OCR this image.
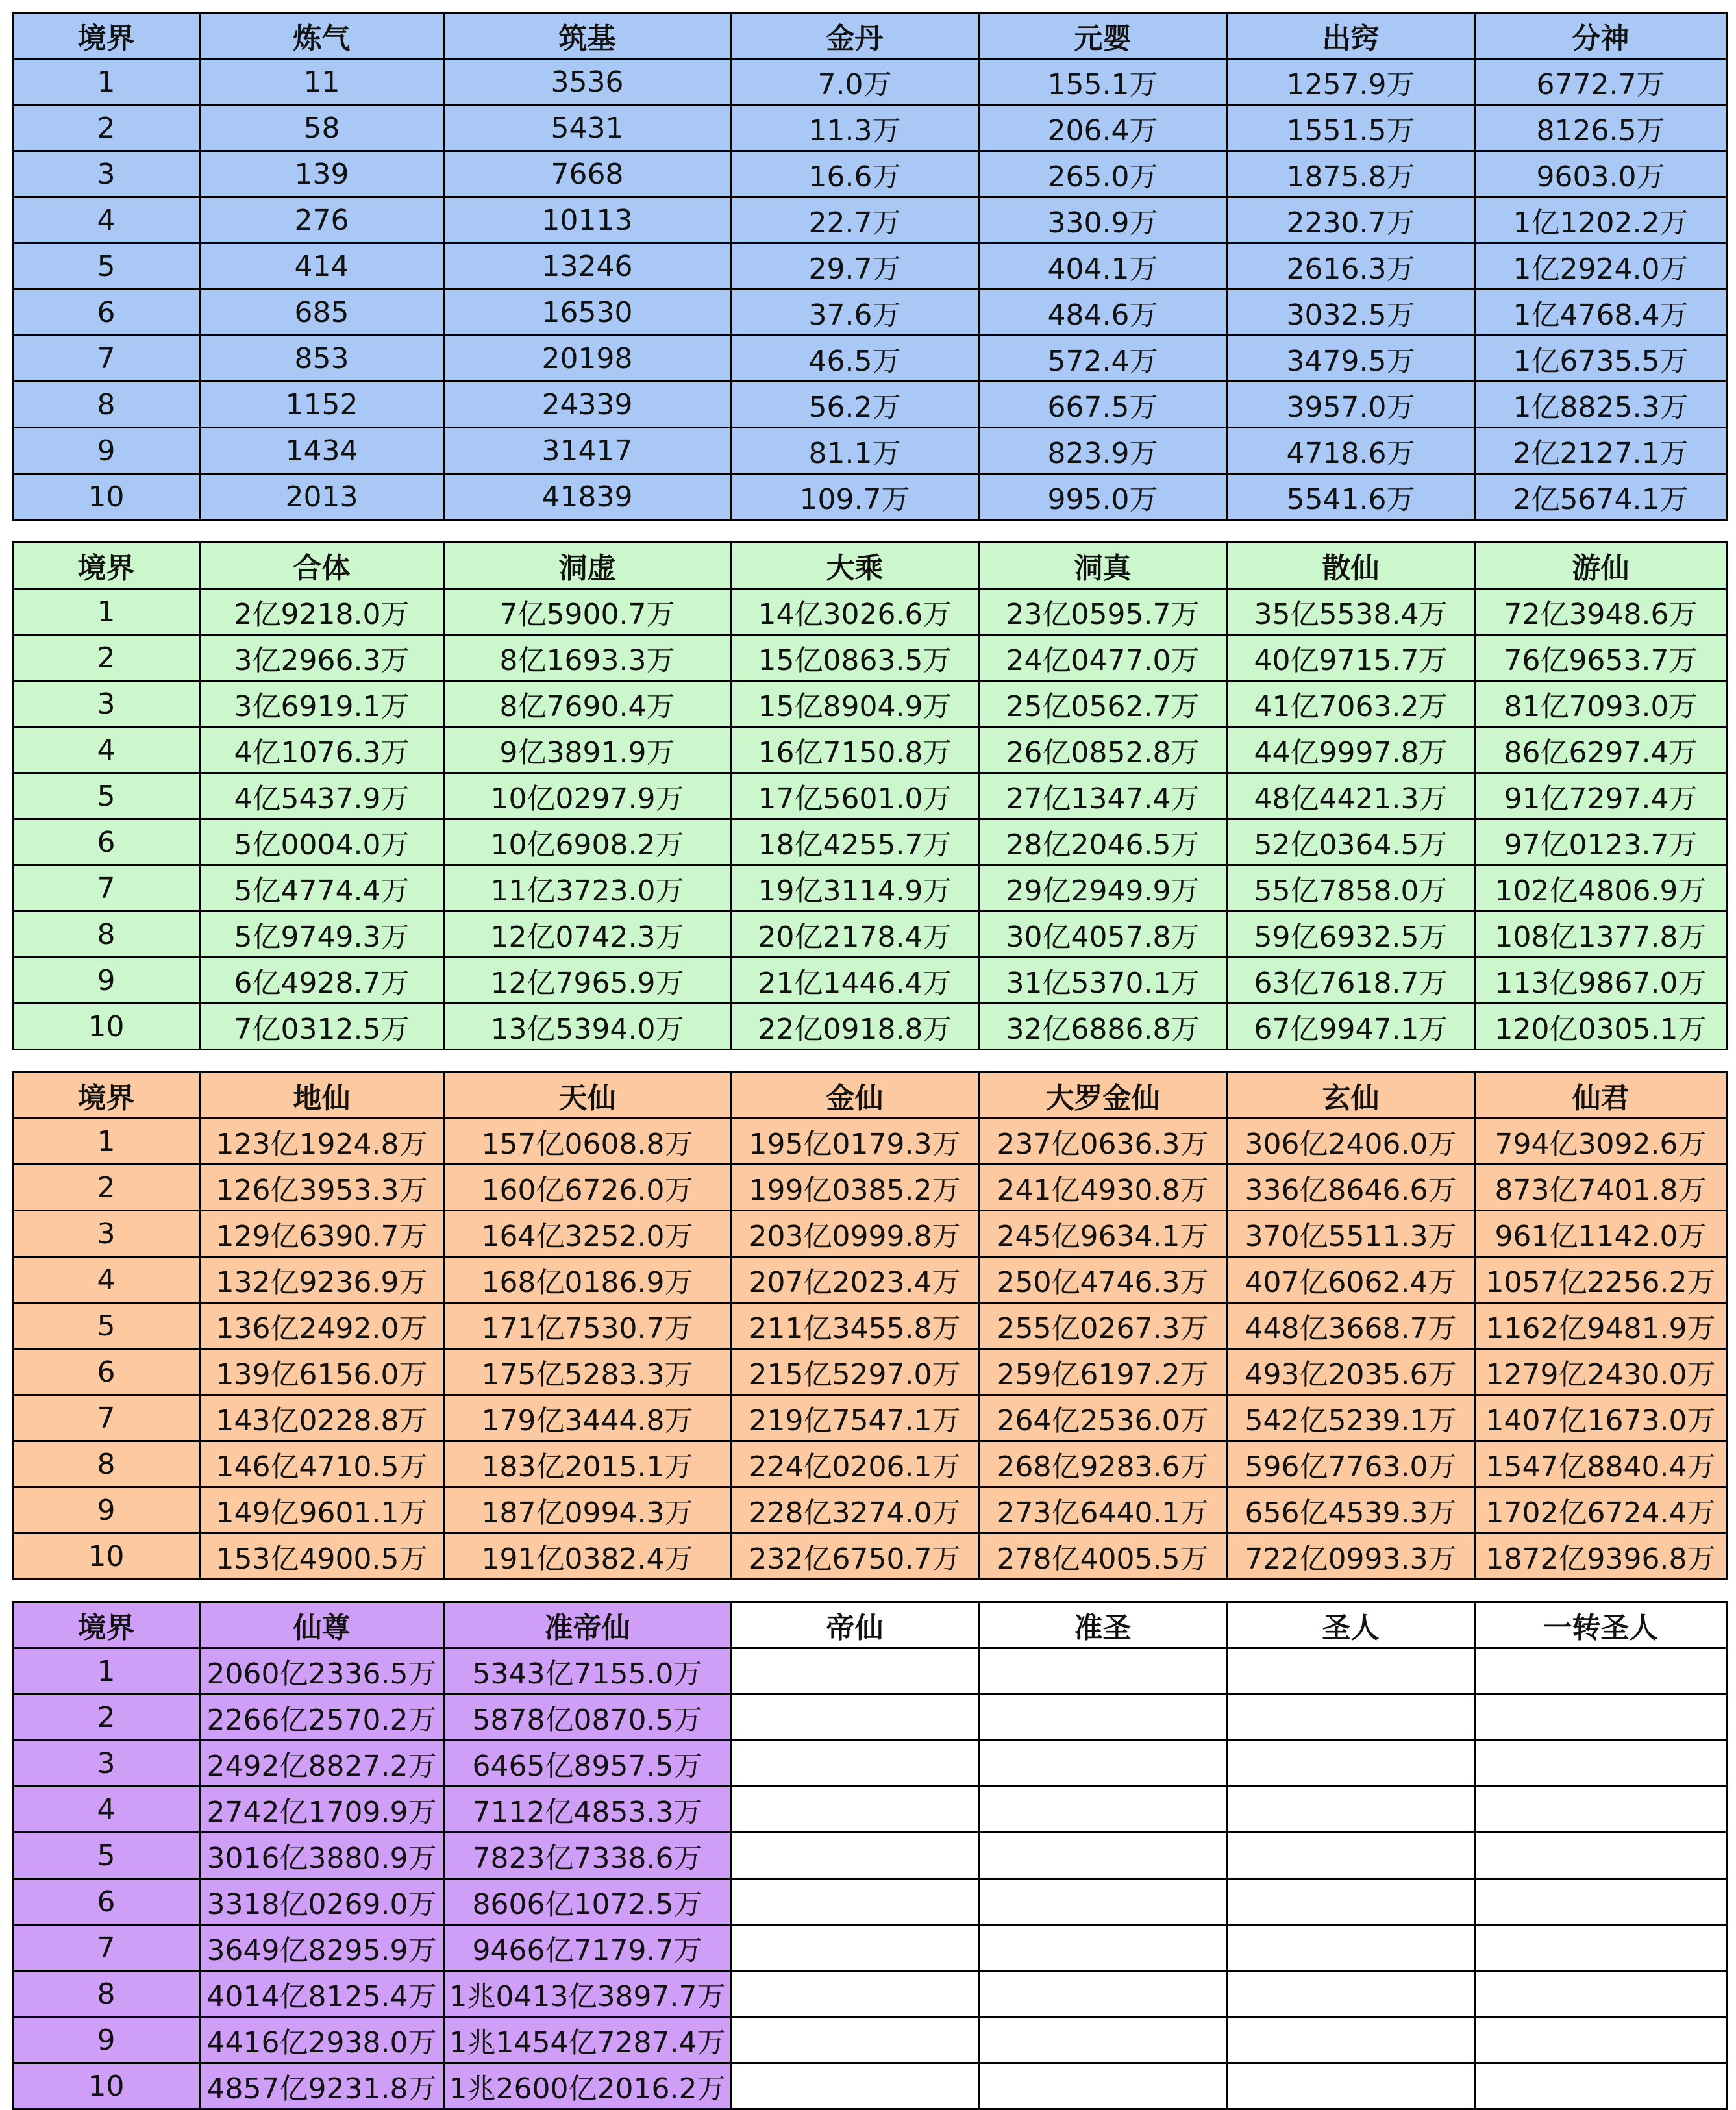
境界	炼气	筑基	金丹	元婴	出窍	分神
1	11	3536	7.0万	155.1万	1257.9万	6772.7万
2	58	5431	11.3万	206.4万	1551.5万	8126.5万
3	139	7668	16.6万	265.0万	1875.8万	9603.0万
4	276	10113	22.7万	330.9万	2230.7万	1亿1202.2万
5	414	13246	29.7万	404.1万	2616.3万	1亿2924.0万
6	685	16530	37.6万	484.6万	3032.5万	1亿4768.4万
7	853	20198	46.5万	572.4万	3479.5万	1亿6735.5万
8	1152	24339	56.2万	667.5万	3957.0万	1亿8825.3万
9	1434	31417	81.1万	823.9万	4718.6万	2亿2127.1万
10	2013	41839	109.7万	995.0万	5541.6万	2亿5674.1万
境界	合体	洞虚	大乘	洞真	散仙	游仙
1	2亿9218.0万	7亿5900.7万	14亿3026.6万	23亿0595.7万	35亿5538.4万	72亿3948.6万
2	3亿2966.3万	8亿1693.3万	15亿0863.5万	24亿0477.0万	40亿9715.7万	76亿9653.7万
3	3亿6919.1万	8亿7690.4万	15亿8904.9万	25亿0562.7万	41亿7063.2万	81亿7093.0万
4	4亿1076.3万	9亿3891.9万	16亿7150.8万	26亿0852.8万	44亿9997.8万	86亿6297.4万
5	4亿5437.9万	10亿0297.9万	17亿5601.0万	27亿1347.4万	48亿4421.3万	91亿7297.4万
6	5亿0004.0万	10亿6908.2万	18亿4255.7万	28亿2046.5万	52亿0364.5万	97亿0123.7万
7	5亿4774.4万	11亿3723.0万	19亿3114.9万	29亿2949.9万	55亿7858.0万	102亿4806.9万
8	5亿9749.3万	12亿0742.3万	20亿2178.4万	30亿4057.8万	59亿6932.5万	108亿1377.8万
9	6亿4928.7万	12亿7965.9万	21亿1446.4万	31亿5370.1万	63亿7618.7万	113亿9867.0万
10	7亿0312.5万	13亿5394.0万	22亿0918.8万	32亿6886.8万	67亿9947.1万	120亿0305.1万
境界	地仙	天仙	金仙	大罗金仙	玄仙	仙君
1	123亿1924.8万	157亿0608.8万	195亿0179.3万	237亿0636.3万	306亿2406.0万	794亿3092.6万
2	126亿3953.3万	160亿6726.0万	199亿0385.2万	241亿4930.8万	336亿8646.6万	873亿7401.8万
3	129亿6390.7万	164亿3252.0万	203亿0999.8万	245亿9634.1万	370亿5511.3万	961亿1142.0万
4	132亿9236.9万	168亿0186.9万	207亿2023.4万	250亿4746.3万	407亿6062.4万	1057亿2256.2万
5	136亿2492.0万	171亿7530.7万	211亿3455.8万	255亿0267.3万	448亿3668.7万	1162亿9481.9万
6	139亿6156.0万	175亿5283.3万	215亿5297.0万	259亿6197.2万	493亿2035.6万	1279亿2430.0万
7	143亿0228.8万	179亿3444.8万	219亿7547.1万	264亿2536.0万	542亿5239.1万	1407亿1673.0万
8	146亿4710.5万	183亿2015.1万	224亿0206.1万	268亿9283.6万	596亿7763.0万	1547亿8840.4万
9	149亿9601.1万	187亿0994.3万	228亿3274.0万	273亿6440.1万	656亿4539.3万	1702亿6724.4万
10	153亿4900.5万	191亿0382.4万	232亿6750.7万	278亿4005.5万	722亿0993.3万	1872亿9396.8万
境界	仙尊	准帝仙	帝仙	准圣	圣人	一转圣人
1	2060亿2336.5万	5343亿7155.0万				
2	2266亿2570.2万	5878亿0870.5万				
3	2492亿8827.2万	6465亿8957.5万				
4	2742亿1709.9万	7112亿4853.3万				
5	3016亿3880.9万	7823亿7338.6万				
6	3318亿0269.0万	8606亿1072.5万				
7	3649亿8295.9万	9466亿7179.7万				
8	4014亿8125.4万	1兆0413亿3897.7万				
9	4416亿2938.0万	1兆1454亿7287.4万				
10	4857亿9231.8万	1兆2600亿2016.2万				
